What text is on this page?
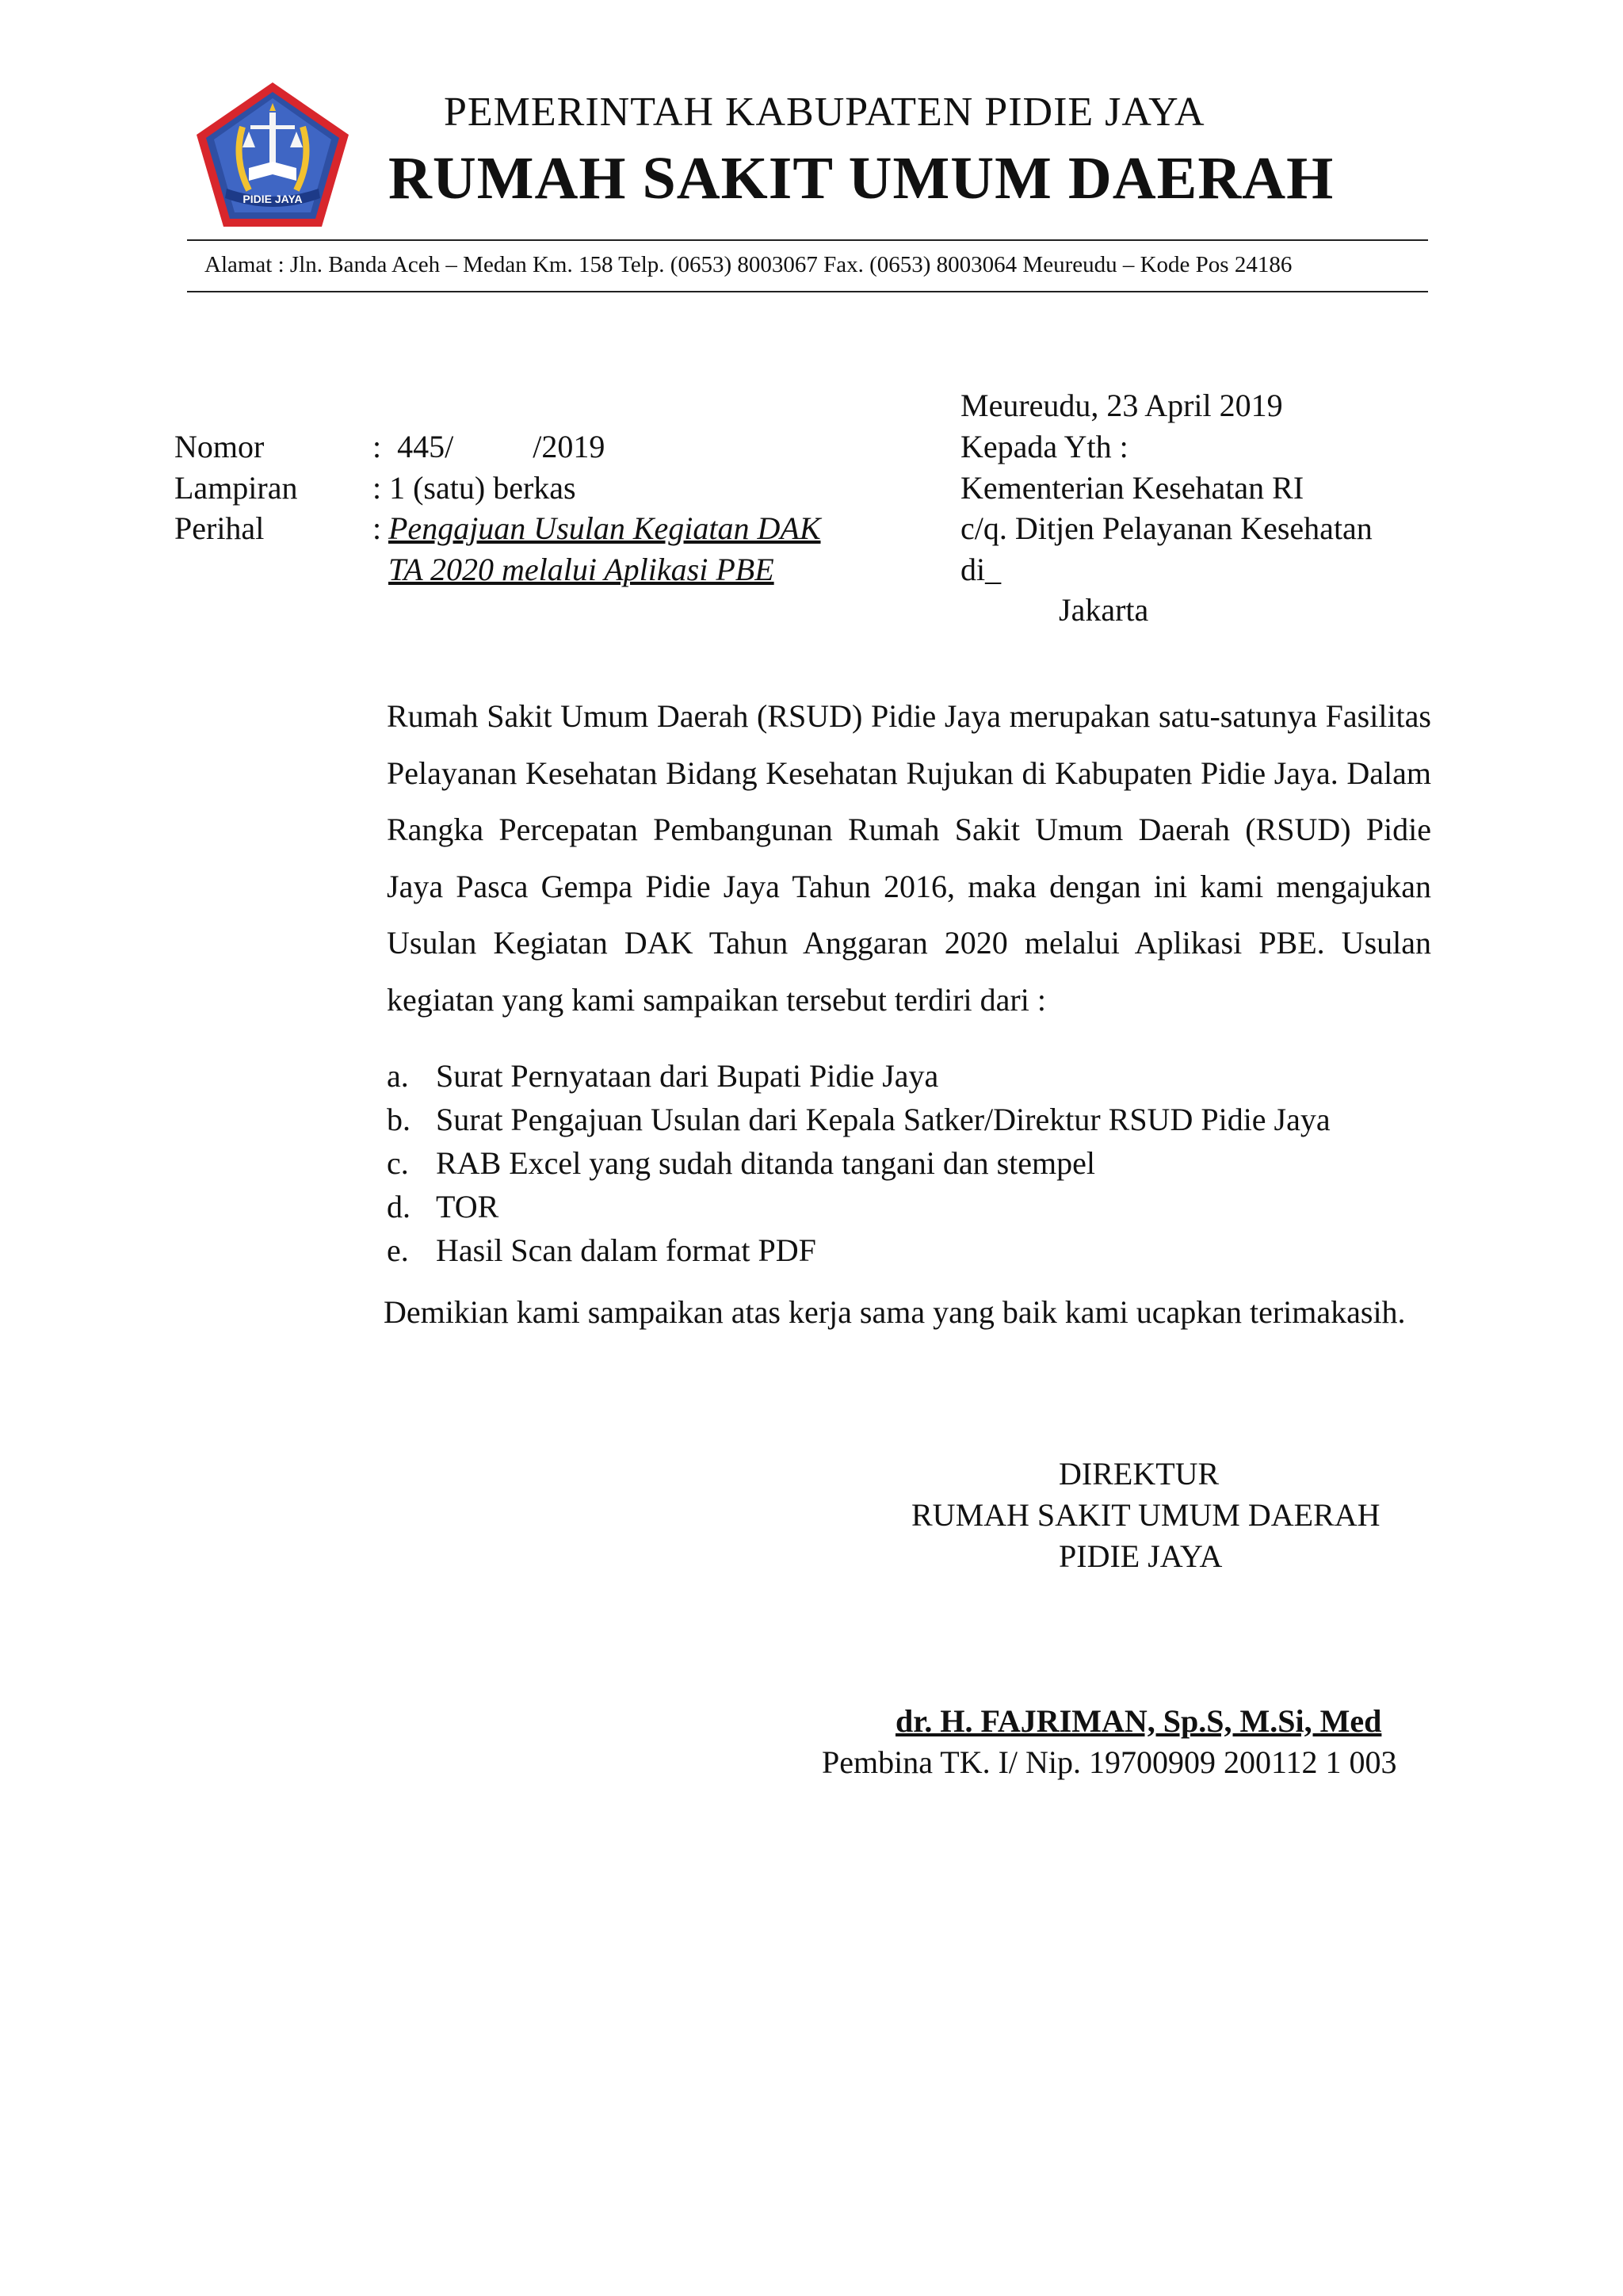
PIDIE JAYA
PEMERINTAH KABUPATEN PIDIE JAYA
RUMAH SAKIT UMUM DAERAH
Alamat : Jln. Banda Aceh – Medan Km. 158 Telp. (0653) 8003067 Fax. (0653) 8003064 Meureudu – Kode Pos 24186
Meureudu, 23 April 2019
Kepada Yth :
Kementerian Kesehatan RI
c/q. Ditjen Pelayanan Kesehatan
di_
Jakarta
Nomor	:  445/          /2019
Lampiran : 1 (satu) berkas
Perihal	: Pengajuan Usulan Kegiatan DAK
TA 2020 melalui Aplikasi PBE
Rumah Sakit Umum Daerah (RSUD) Pidie Jaya merupakan satu-satunya Fasilitas Pelayanan Kesehatan Bidang Kesehatan Rujukan di Kabupaten Pidie Jaya. Dalam Rangka Percepatan Pembangunan Rumah Sakit Umum Daerah (RSUD) Pidie Jaya Pasca Gempa Pidie Jaya Tahun 2016, maka dengan ini kami mengajukan Usulan Kegiatan DAK Tahun Anggaran 2020 melalui Aplikasi PBE. Usulan kegiatan yang kami sampaikan tersebut terdiri dari :
a. Surat Pernyataan dari Bupati Pidie Jaya
b. Surat Pengajuan Usulan dari Kepala Satker/Direktur RSUD Pidie Jaya
c. RAB Excel yang sudah ditanda tangani dan stempel
d. TOR
e. Hasil Scan dalam format PDF
Demikian kami sampaikan atas kerja sama yang baik kami ucapkan terimakasih.
DIREKTUR
RUMAH SAKIT UMUM DAERAH
PIDIE JAYA
dr. H. FAJRIMAN, Sp.S, M.Si, Med
Pembina TK. I/ Nip. 19700909 200112 1 003
